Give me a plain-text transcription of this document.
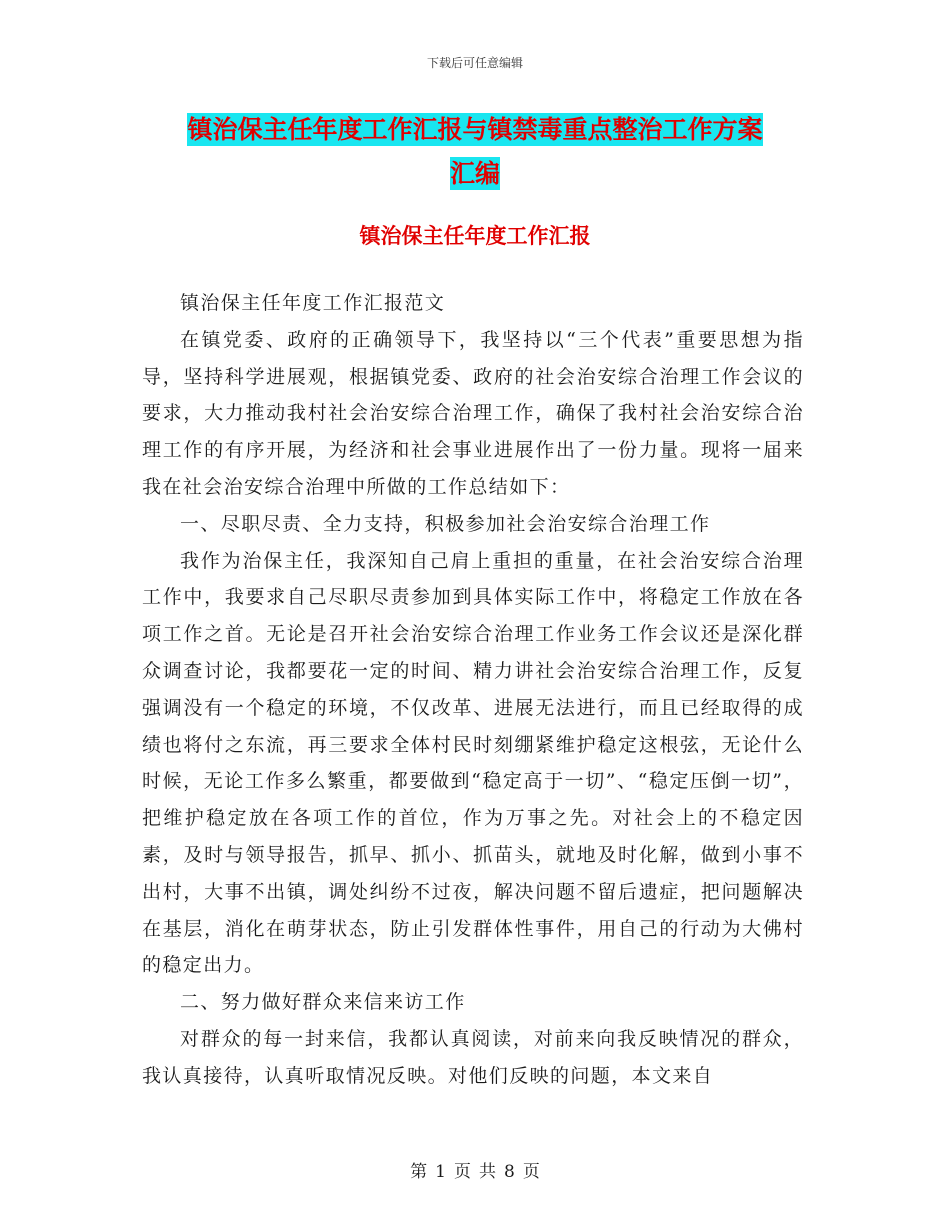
下载后可任意编辑
镇治保主任年度工作汇报与镇禁毒重点整治工作方案
汇编
镇治保主任年度工作汇报

镇治保主任年度工作汇报范文

在镇党委、政府的正确领导下，我坚持以“三个代表”重要思想为指导，坚持科学进展观，根据镇党委、政府的社会治安综合治理工作会议的要求，大力推动我村社会治安综合治理工作，确保了我村社会治安综合治理工作的有序开展，为经济和社会事业进展作出了一份力量。现将一届来我在社会治安综合治理中所做的工作总结如下：

一、尽职尽责、全力支持，积极参加社会治安综合治理工作

我作为治保主任，我深知自己肩上重担的重量，在社会治安综合治理工作中，我要求自己尽职尽责参加到具体实际工作中，将稳定工作放在各项工作之首。无论是召开社会治安综合治理工作业务工作会议还是深化群众调查讨论，我都要花一定的时间、精力讲社会治安综合治理工作，反复强调没有一个稳定的环境，不仅改革、进展无法进行，而且已经取得的成绩也将付之东流，再三要求全体村民时刻绷紧维护稳定这根弦，无论什么时候，无论工作多么繁重，都要做到“稳定高于一切”、“稳定压倒一切”，把维护稳定放在各项工作的首位，作为万事之先。对社会上的不稳定因素，及时与领导报告，抓早、抓小、抓苗头，就地及时化解，做到小事不出村，大事不出镇，调处纠纷不过夜，解决问题不留后遗症，把问题解决在基层，消化在萌芽状态，防止引发群体性事件，用自己的行动为大佛村的稳定出力。

二、努力做好群众来信来访工作

对群众的每一封来信，我都认真阅读，对前来向我反映情况的群众，我认真接待，认真听取情况反映。对他们反映的问题，本文来自

第 1 页 共 8 页
